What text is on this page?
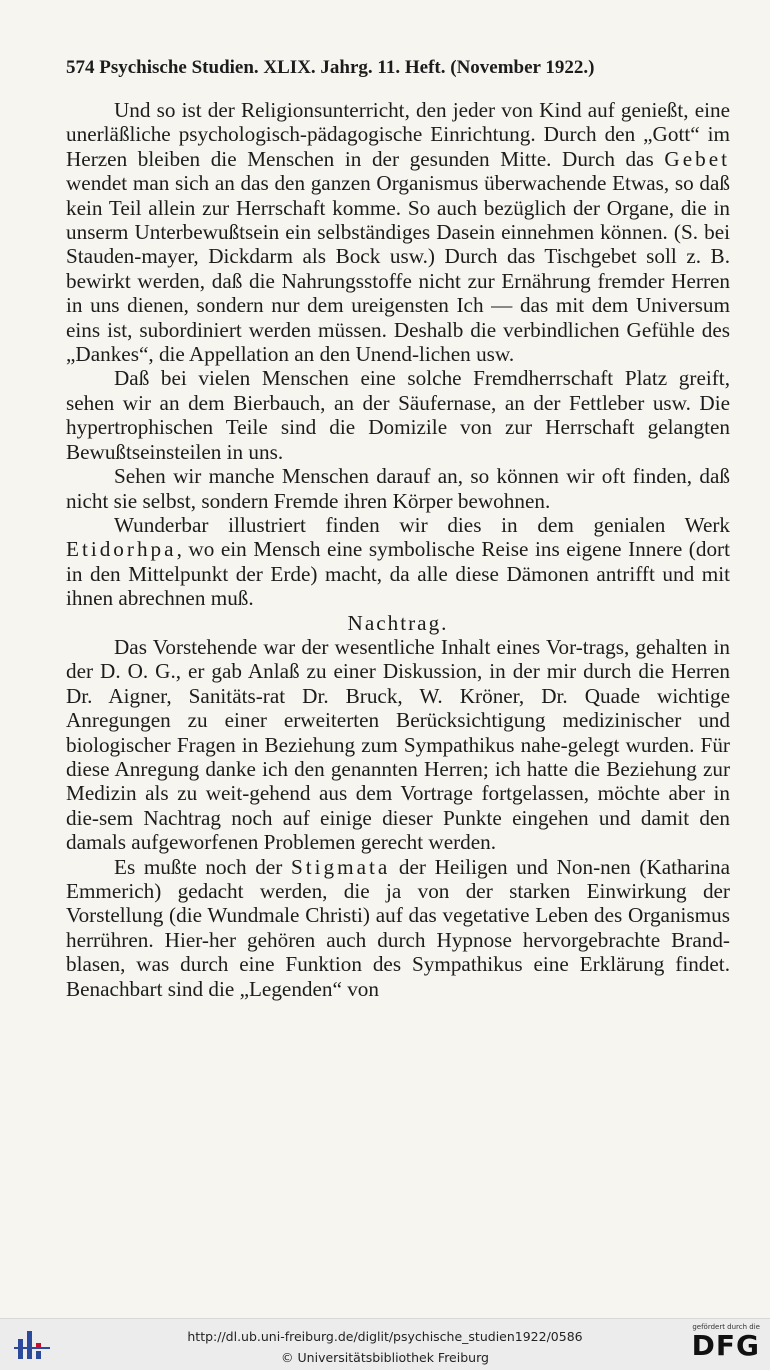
574 Psychische Studien. XLIX. Jahrg. 11. Heft. (November 1922.)

Und so ist der Religionsunterricht, den jeder von Kind auf genießt, eine unerläßliche psychologisch-pädagogische Einrichtung. Durch den „Gott“ im Herzen bleiben die Menschen in der gesunden Mitte. Durch das Gebet wendet man sich an das den ganzen Organismus überwachende Etwas, so daß kein Teil allein zur Herrschaft komme. So auch bezüglich der Organe, die in unserm Unterbewußtsein ein selbständiges Dasein einnehmen können. (S. bei Stauden-mayer, Dickdarm als Bock usw.) Durch das Tischgebet soll z. B. bewirkt werden, daß die Nahrungsstoffe nicht zur Ernährung fremder Herren in uns dienen, sondern nur dem ureigensten Ich — das mit dem Universum eins ist, subordiniert werden müssen. Deshalb die verbindlichen Gefühle des „Dankes“, die Appellation an den Unend-lichen usw.

Daß bei vielen Menschen eine solche Fremdherrschaft Platz greift, sehen wir an dem Bierbauch, an der Säufernase, an der Fettleber usw. Die hypertrophischen Teile sind die Domizile von zur Herrschaft gelangten Bewußtseinsteilen in uns.

Sehen wir manche Menschen darauf an, so können wir oft finden, daß nicht sie selbst, sondern Fremde ihren Körper bewohnen.

Wunderbar illustriert finden wir dies in dem genialen Werk Etidorhpa, wo ein Mensch eine symbolische Reise ins eigene Innere (dort in den Mittelpunkt der Erde) macht, da alle diese Dämonen antrifft und mit ihnen abrechnen muß.

Nachtrag.

Das Vorstehende war der wesentliche Inhalt eines Vor-trags, gehalten in der D. O. G., er gab Anlaß zu einer Diskussion, in der mir durch die Herren Dr. Aigner, Sanitäts-rat Dr. Bruck, W. Kröner, Dr. Quade wichtige Anregungen zu einer erweiterten Berücksichtigung medizinischer und biologischer Fragen in Beziehung zum Sympathikus nahe-gelegt wurden. Für diese Anregung danke ich den genannten Herren; ich hatte die Beziehung zur Medizin als zu weit-gehend aus dem Vortrage fortgelassen, möchte aber in die-sem Nachtrag noch auf einige dieser Punkte eingehen und damit den damals aufgeworfenen Problemen gerecht werden.

Es mußte noch der Stigmata der Heiligen und Non-nen (Katharina Emmerich) gedacht werden, die ja von der starken Einwirkung der Vorstellung (die Wundmale Christi) auf das vegetative Leben des Organismus herrühren. Hier-her gehören auch durch Hypnose hervorgebrachte Brand-blasen, was durch eine Funktion des Sympathikus eine Erklärung findet. Benachbart sind die „Legenden“ von

http://dl.ub.uni-freiburg.de/diglit/psychische_studien1922/0586
© Universitätsbibliothek Freiburg
gefördert durch die
DFG
